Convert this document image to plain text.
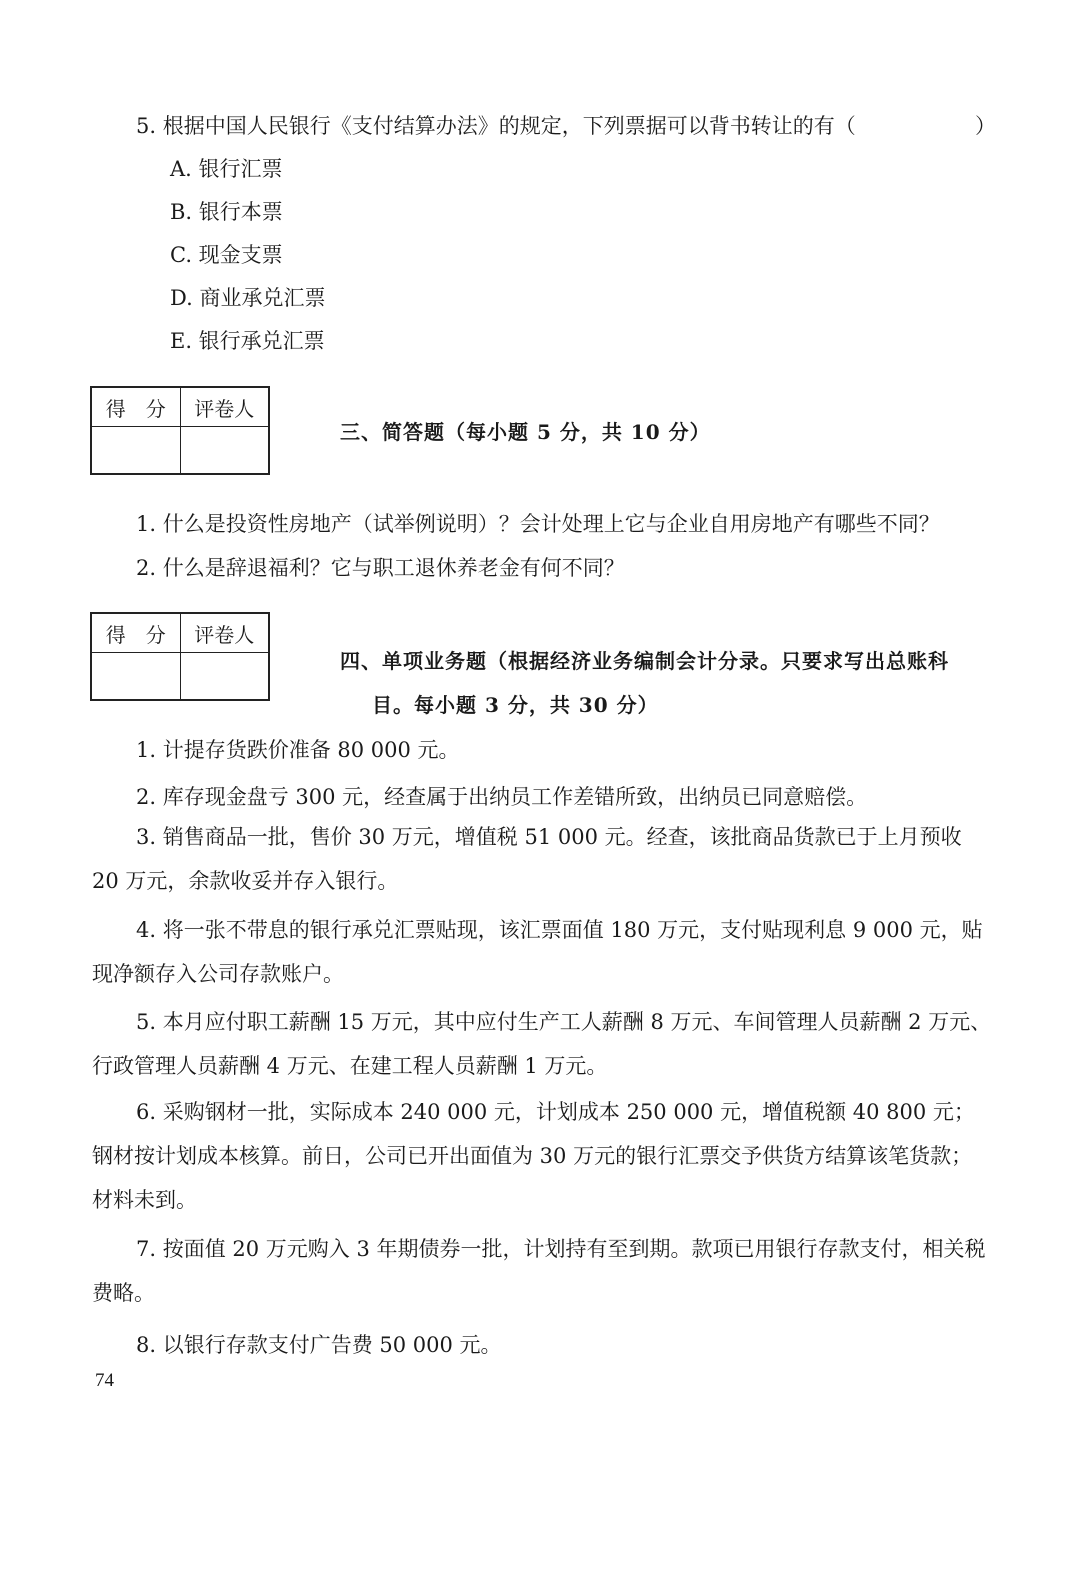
5. 根据中国人民银行《支付结算办法》的规定，下列票据可以背书转让的有（	）
A. 银行汇票
B. 银行本票
C. 现金支票
D. 商业承兑汇票
E. 银行承兑汇票
得　分	评卷人

三、简答题（每小题 5 分，共 10 分）
1. 什么是投资性房地产（试举例说明）？会计处理上它与企业自用房地产有哪些不同？
2. 什么是辞退福利？它与职工退休养老金有何不同？
得　分	评卷人

四、单项业务题（根据经济业务编制会计分录。只要求写出总账科
目。每小题 3 分，共 30 分）
1. 计提存货跌价准备 80 000 元。
2. 库存现金盘亏 300 元，经查属于出纳员工作差错所致，出纳员已同意赔偿。
3. 销售商品一批，售价 30 万元，增值税 51 000 元。经查，该批商品货款已于上月预收 20 万元，余款收妥并存入银行。
4. 将一张不带息的银行承兑汇票贴现，该汇票面值 180 万元，支付贴现利息 9 000 元，贴现净额存入公司存款账户。
5. 本月应付职工薪酬 15 万元，其中应付生产工人薪酬 8 万元、车间管理人员薪酬 2 万元、行政管理人员薪酬 4 万元、在建工程人员薪酬 1 万元。
6. 采购钢材一批，实际成本 240 000 元，计划成本 250 000 元，增值税额 40 800 元；钢材按计划成本核算。前日，公司已开出面值为 30 万元的银行汇票交予供货方结算该笔货款；材料未到。
7. 按面值 20 万元购入 3 年期债券一批，计划持有至到期。款项已用银行存款支付，相关税费略。
8. 以银行存款支付广告费 50 000 元。
74
